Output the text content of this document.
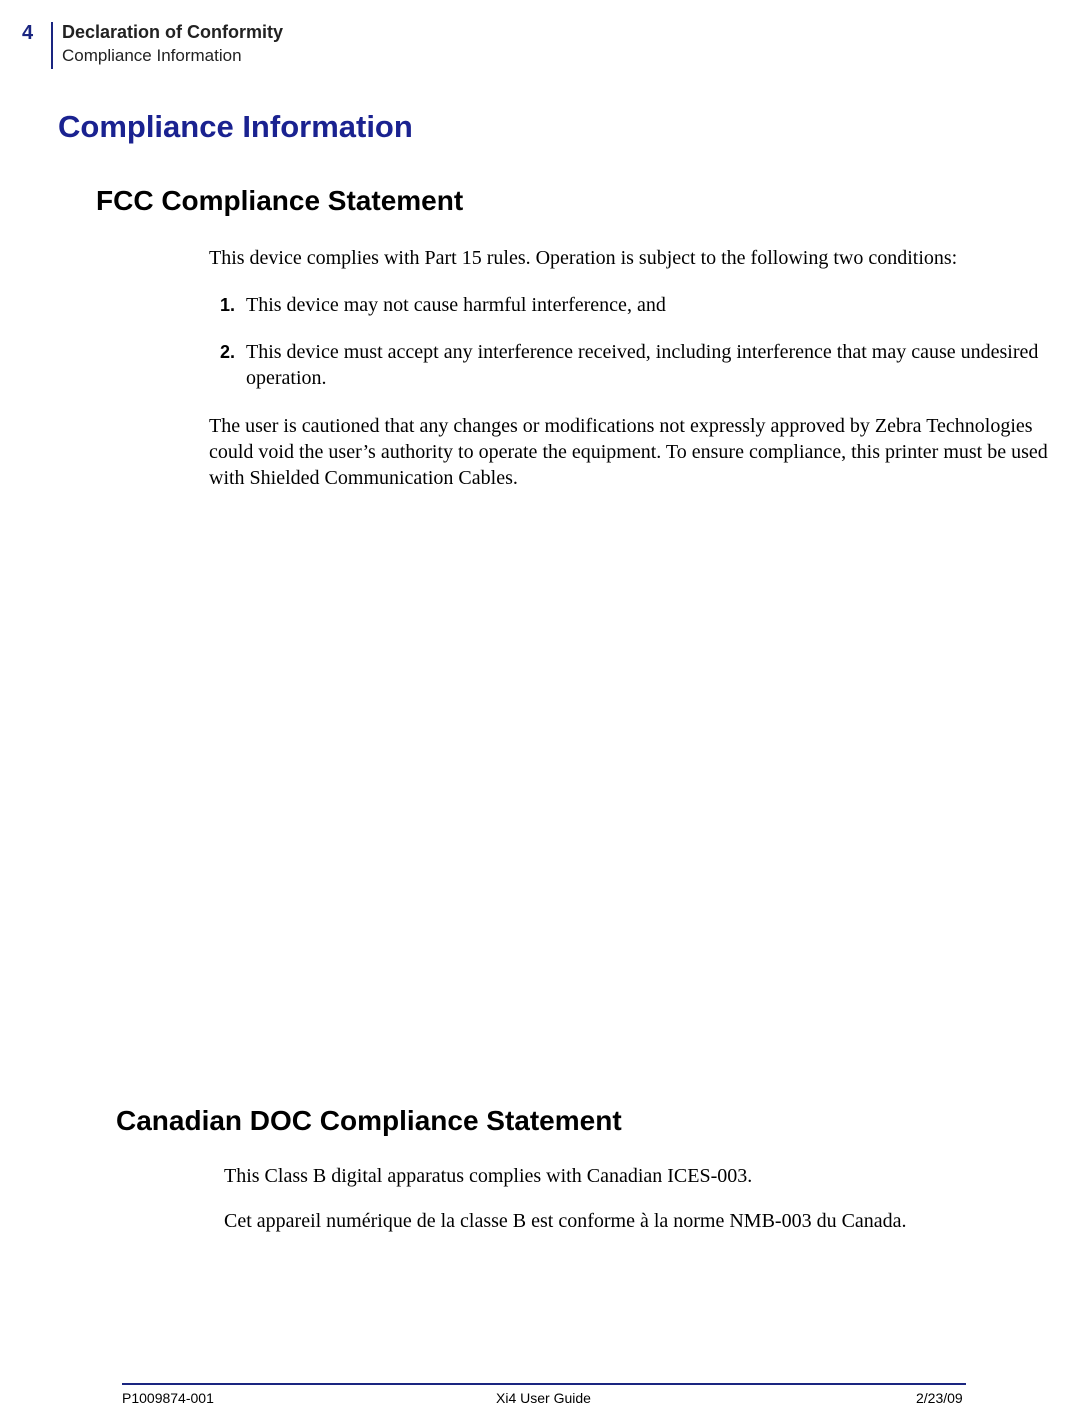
4 Declaration of Conformity
Compliance Information
Compliance Information
FCC Compliance Statement

This device complies with Part 15 rules. Operation is subject to the following two conditions:

1. This device may not cause harmful interference, and
2. This device must accept any interference received, including interference that may cause undesired operation.

The user is cautioned that any changes or modifications not expressly approved by Zebra Technologies could void the user’s authority to operate the equipment. To ensure compliance, this printer must be used with Shielded Communication Cables.

Canadian DOC Compliance Statement

This Class B digital apparatus complies with Canadian ICES-003.

Cet appareil numérique de la classe B est conforme à la norme NMB-003 du Canada.

P1009874-001	Xi4 User Guide	2/23/09
